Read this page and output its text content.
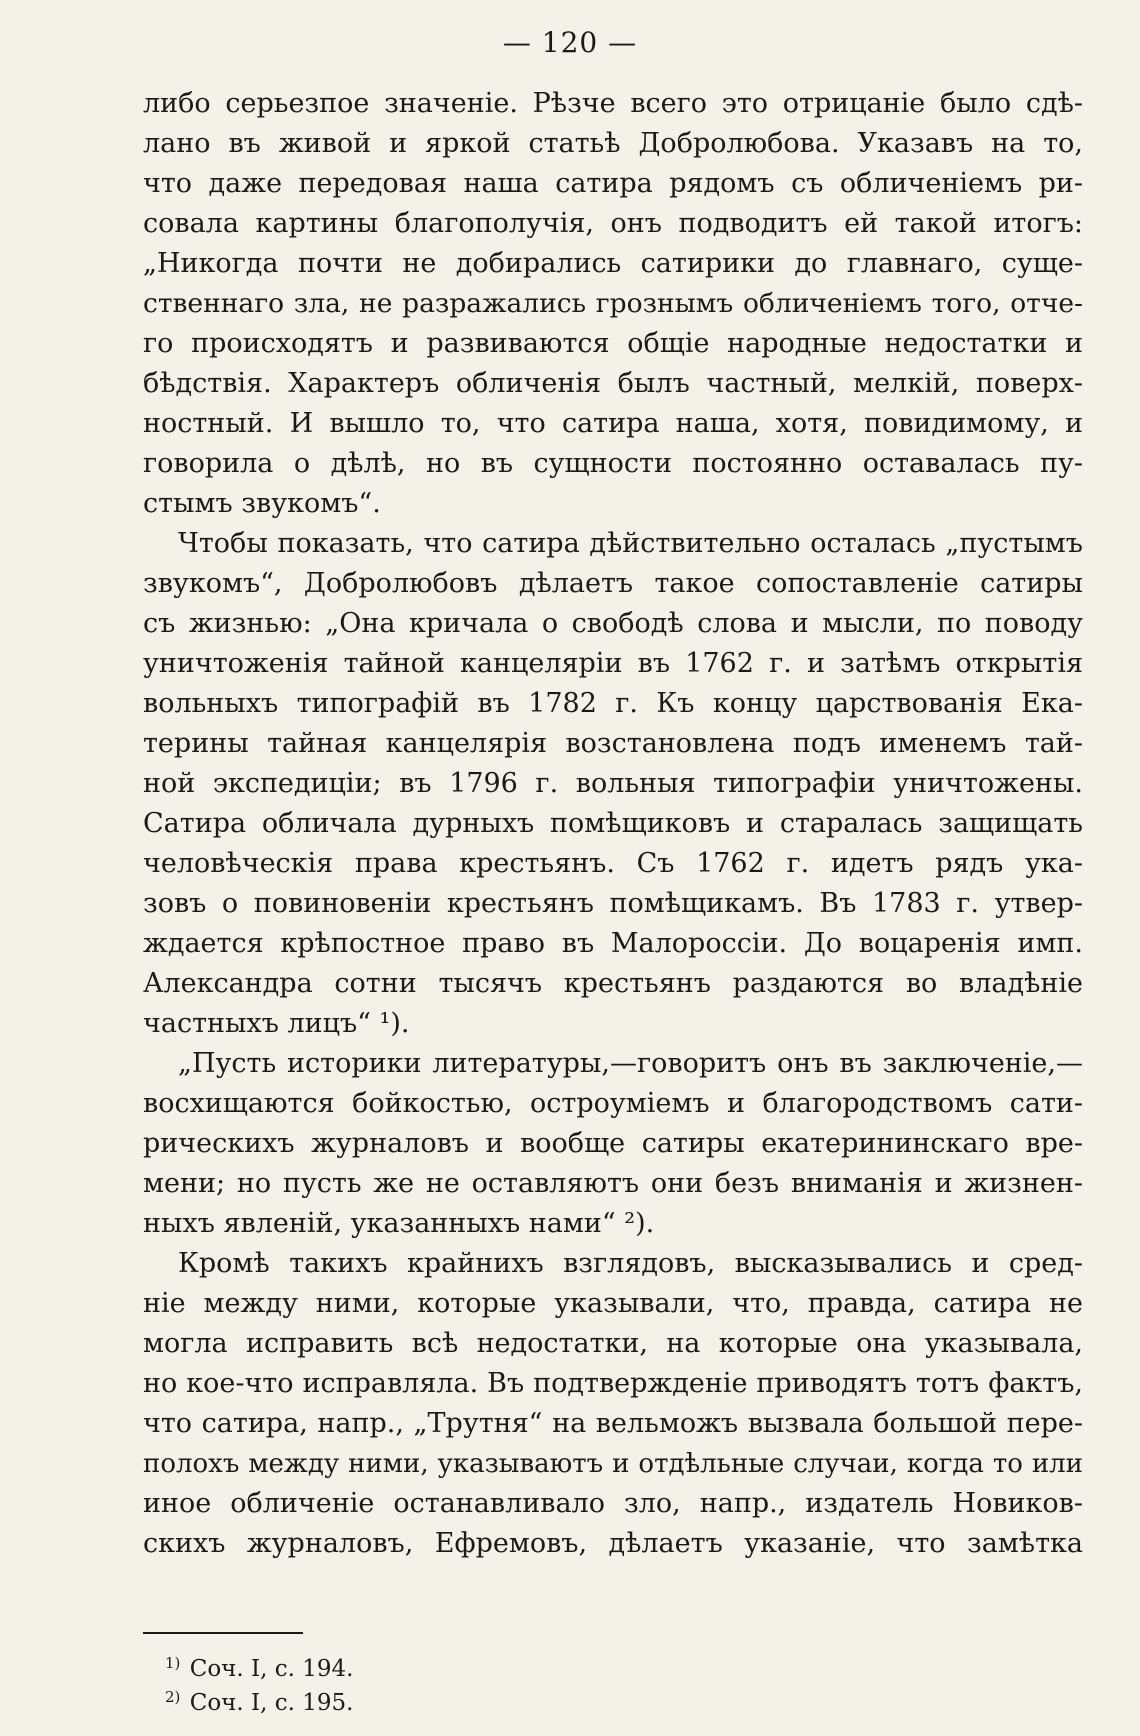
— 120 —
либо серьезпое значеніе. Рѣзче всего это отрицаніе было сдѣ-
лано въ живой и яркой статьѣ Добролюбова. Указавъ на то,
что даже передовая наша сатира рядомъ съ обличеніемъ ри-
совала картины благополучія, онъ подводитъ ей такой итогъ:
„Никогда почти не добирались сатирики до главнаго, суще-
ственнаго зла, не разражались грознымъ обличеніемъ того, отче-
го происходятъ и развиваются общіе народные недостатки и
бѣдствія. Характеръ обличенія былъ частный, мелкій, поверх-
ностный. И вышло то, что сатира наша, хотя, повидимому, и
говорила о дѣлѣ, но въ сущности постоянно оставалась пу-
стымъ звукомъ“.
Чтобы показать, что сатира дѣйствительно осталась „пустымъ
звукомъ“, Добролюбовъ дѣлаетъ такое сопоставленіе сатиры
съ жизнью: „Она кричала о свободѣ слова и мысли, по поводу
уничтоженія тайной канцеляріи въ 1762 г. и затѣмъ открытія
вольныхъ типографій въ 1782 г. Къ концу царствованія Ека-
терины тайная канцелярія возстановлена подъ именемъ тай-
ной экспедиціи; въ 1796 г. вольныя типографіи уничтожены.
Сатира обличала дурныхъ помѣщиковъ и старалась защищать
человѣческія права крестьянъ. Съ 1762 г. идетъ рядъ ука-
зовъ о повиновеніи крестьянъ помѣщикамъ. Въ 1783 г. утвер-
ждается крѣпостное право въ Малороссіи. До воцаренія имп.
Александра сотни тысячъ крестьянъ раздаются во владѣніе
частныхъ лицъ“ ¹).
„Пусть историки литературы,—говоритъ онъ въ заключеніе,—
восхищаются бойкостью, остроуміемъ и благородствомъ сати-
рическихъ журналовъ и вообще сатиры екатерининскаго вре-
мени; но пусть же не оставляютъ они безъ вниманія и жизнен-
ныхъ явленій, указанныхъ нами“ ²).
Кромѣ такихъ крайнихъ взглядовъ, высказывались и сред-
ніе между ними, которые указывали, что, правда, сатира не
могла исправить всѣ недостатки, на которые она указывала,
но кое-что исправляла. Въ подтвержденіе приводятъ тотъ фактъ,
что сатира, напр., „Трутня“ на вельможъ вызвала большой пере-
полохъ между ними, указываютъ и отдѣльные случаи, когда то или
иное обличеніе останавливало зло, напр., издатель Новиков-
скихъ журналовъ, Ефремовъ, дѣлаетъ указаніе, что замѣтка
$^{1)}$ Соч. I, с. 194.
$^{2)}$ Соч. I, с. 195.
